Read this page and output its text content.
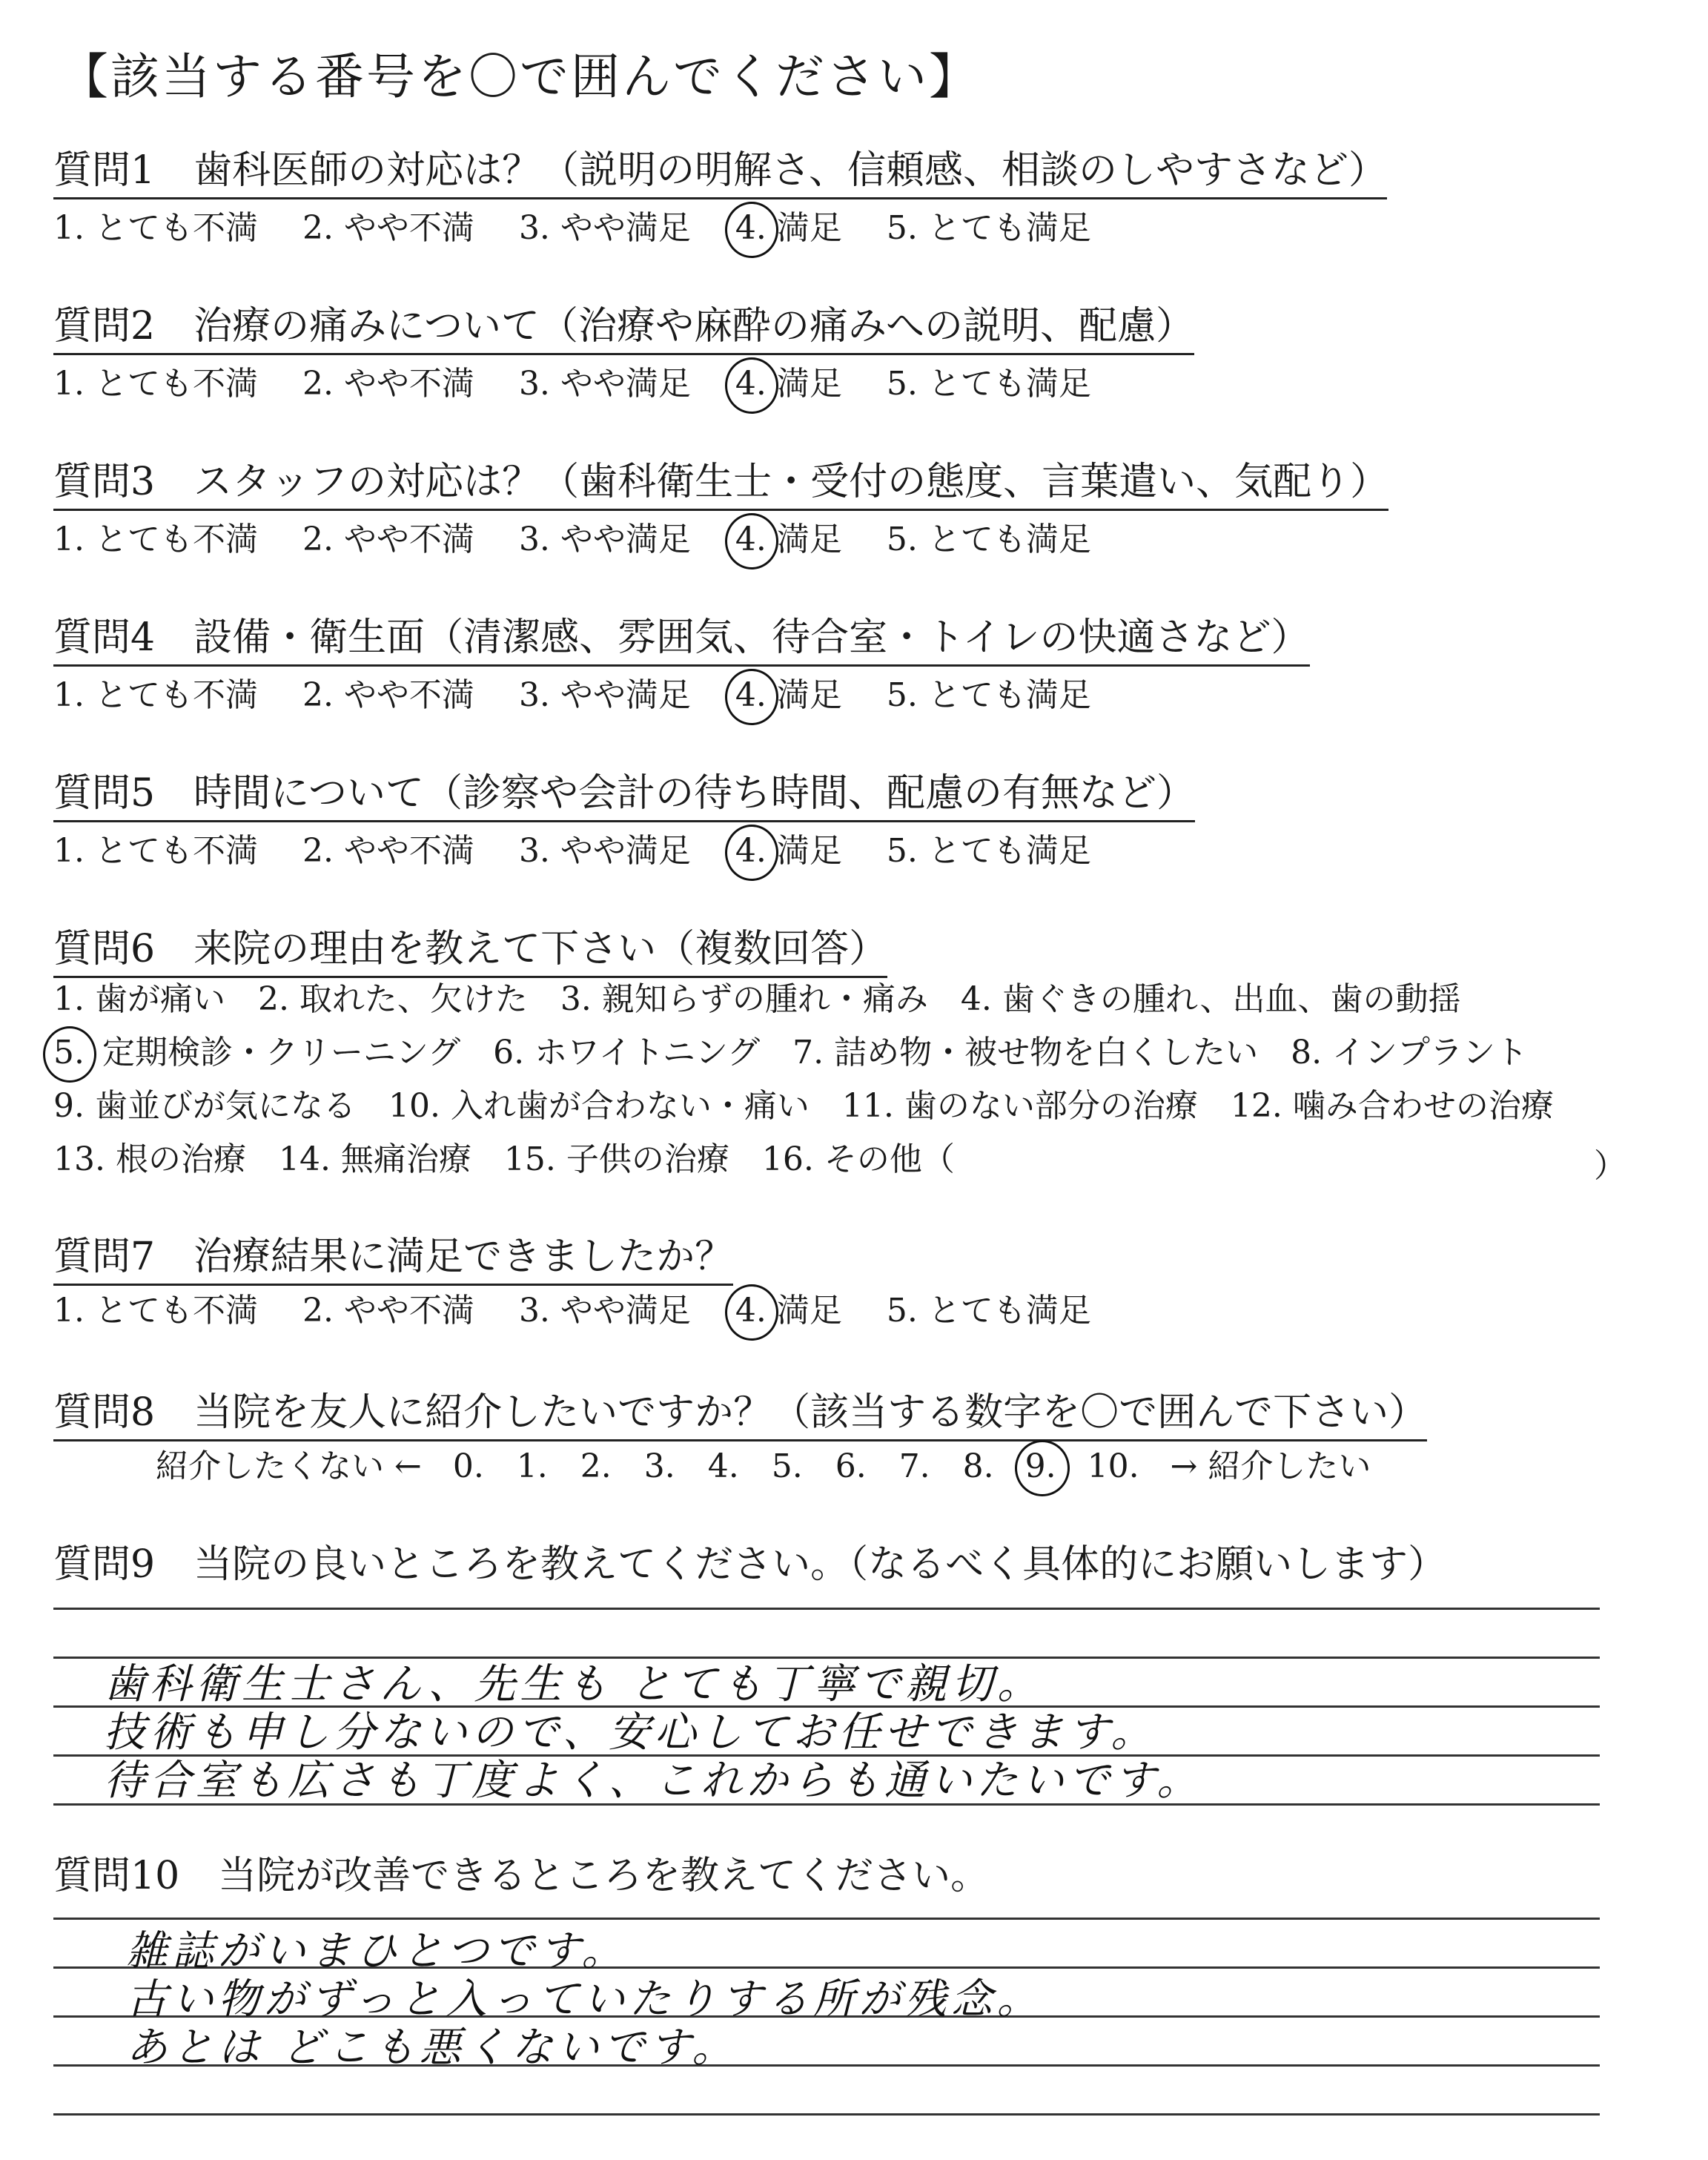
【該当する番号を〇で囲んでください】
質問1　歯科医師の対応は？（説明の明解さ、信頼感、相談のしやすさなど）
1. とても不満 2. やや不満 3. やや満足 4. 満足 5. とても満足
質問2　治療の痛みについて（治療や麻酔の痛みへの説明、配慮）
1. とても不満 2. やや不満 3. やや満足 4. 満足 5. とても満足
質問3　スタッフの対応は？（歯科衛生士・受付の態度、言葉遣い、気配り）
1. とても不満 2. やや不満 3. やや満足 4. 満足 5. とても満足
質問4　設備・衛生面（清潔感、雰囲気、待合室・トイレの快適さなど）
1. とても不満 2. やや不満 3. やや満足 4. 満足 5. とても満足
質問5　時間について（診察や会計の待ち時間、配慮の有無など）
1. とても不満 2. やや不満 3. やや満足 4. 満足 5. とても満足
質問6　来院の理由を教えて下さい（複数回答）
1. 歯が痛い　2. 取れた、欠けた　3. 親知らずの腫れ・痛み　4. 歯ぐきの腫れ、出血、歯の動揺
5. 定期検診・クリーニング　6. ホワイトニング　7. 詰め物・被せ物を白くしたい　8. インプラント
9. 歯並びが気になる　10. 入れ歯が合わない・痛い　11. 歯のない部分の治療　12. 噛み合わせの治療
13. 根の治療　14. 無痛治療　15. 子供の治療　16. その他（	）
質問7　治療結果に満足できましたか？
1. とても不満 2. やや不満 3. やや満足 4. 満足 5. とても満足
質問8　当院を友人に紹介したいですか？（該当する数字を〇で囲んで下さい）
紹介したくない ← 0.　1.　2.　3.　4.　5.　6.　7.　8. 9. 10. → 紹介したい
質問9　当院の良いところを教えてください。（なるべく具体的にお願いします）
歯科衛生士さん、先生も とても丁寧で親切。
技術も申し分ないので、安心してお任せできます。
待合室も広さも丁度よく、これからも通いたいです。
質問10　当院が改善できるところを教えてください。
雑誌がいまひとつです。
古い物がずっと入っていたりする所が残念。
あとは どこも悪くないです。
